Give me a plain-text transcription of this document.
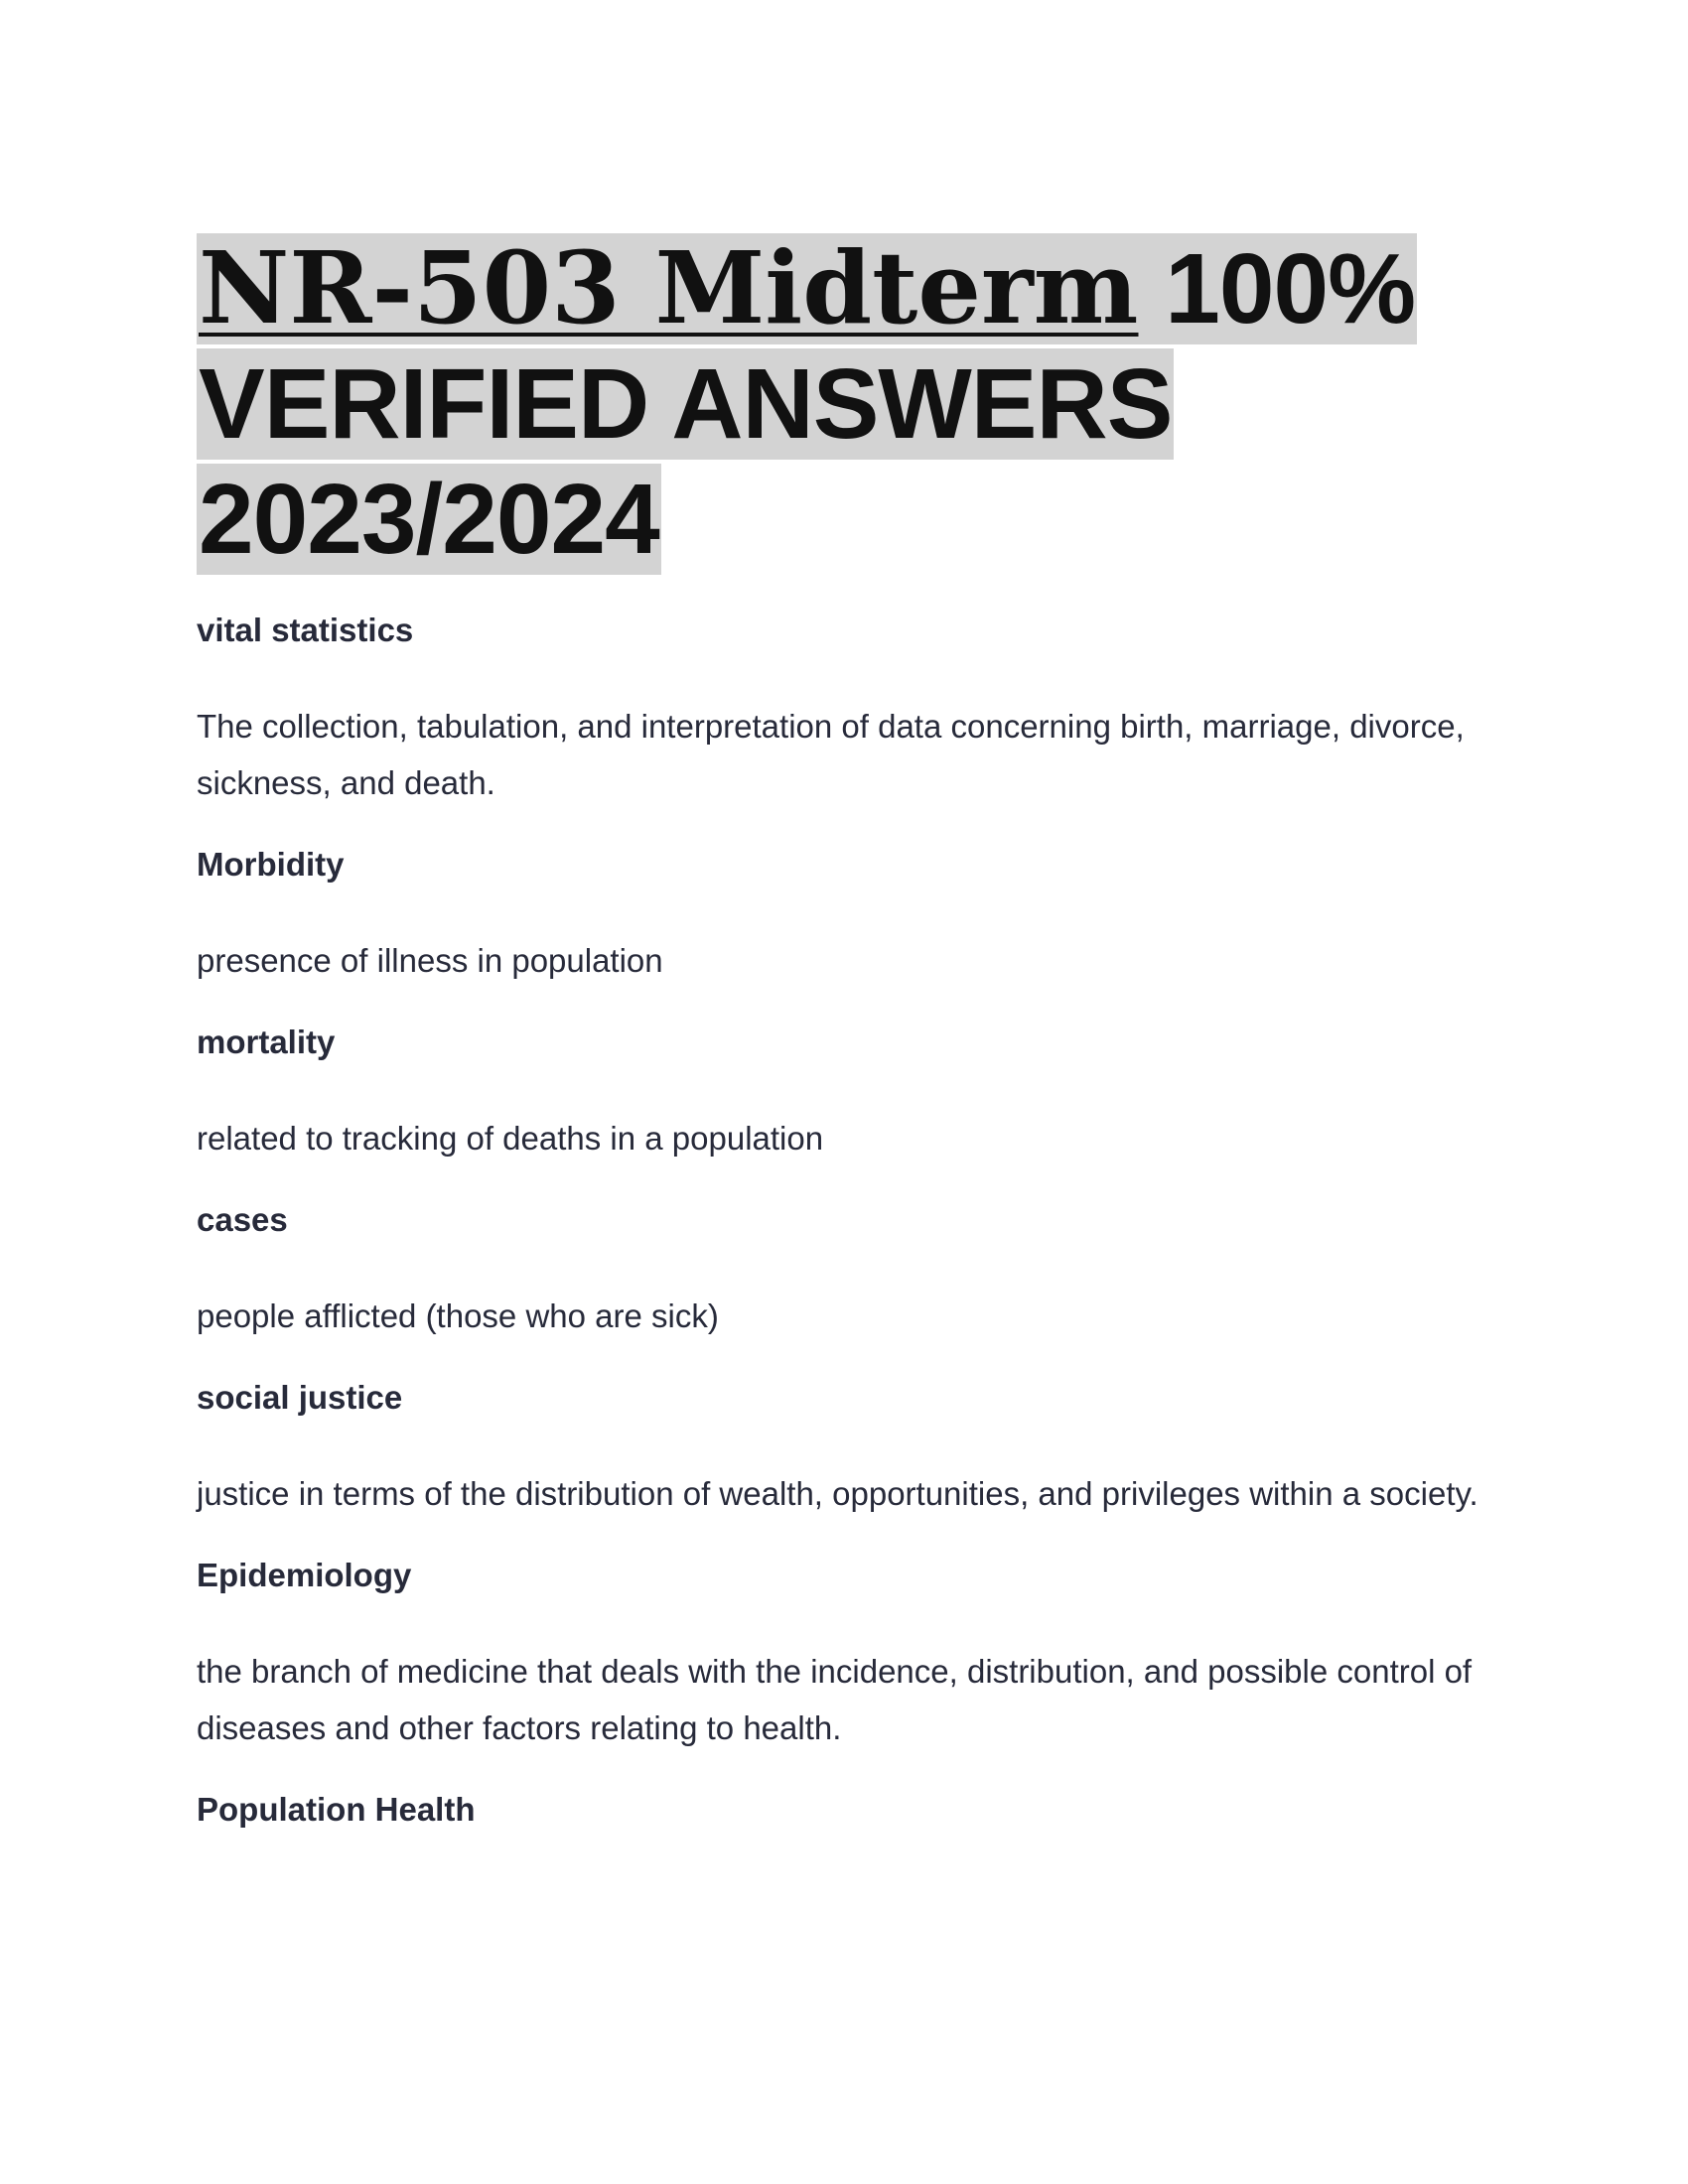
NR-503 Midterm 100% VERIFIED ANSWERS 2023/2024

vital statistics

The collection, tabulation, and interpretation of data concerning birth, marriage, divorce, sickness, and death.

Morbidity

presence of illness in population

mortality

related to tracking of deaths in a population

cases

people afflicted (those who are sick)

social justice

justice in terms of the distribution of wealth, opportunities, and privileges within a society.

Epidemiology

the branch of medicine that deals with the incidence, distribution, and possible control of diseases and other factors relating to health.

Population Health
